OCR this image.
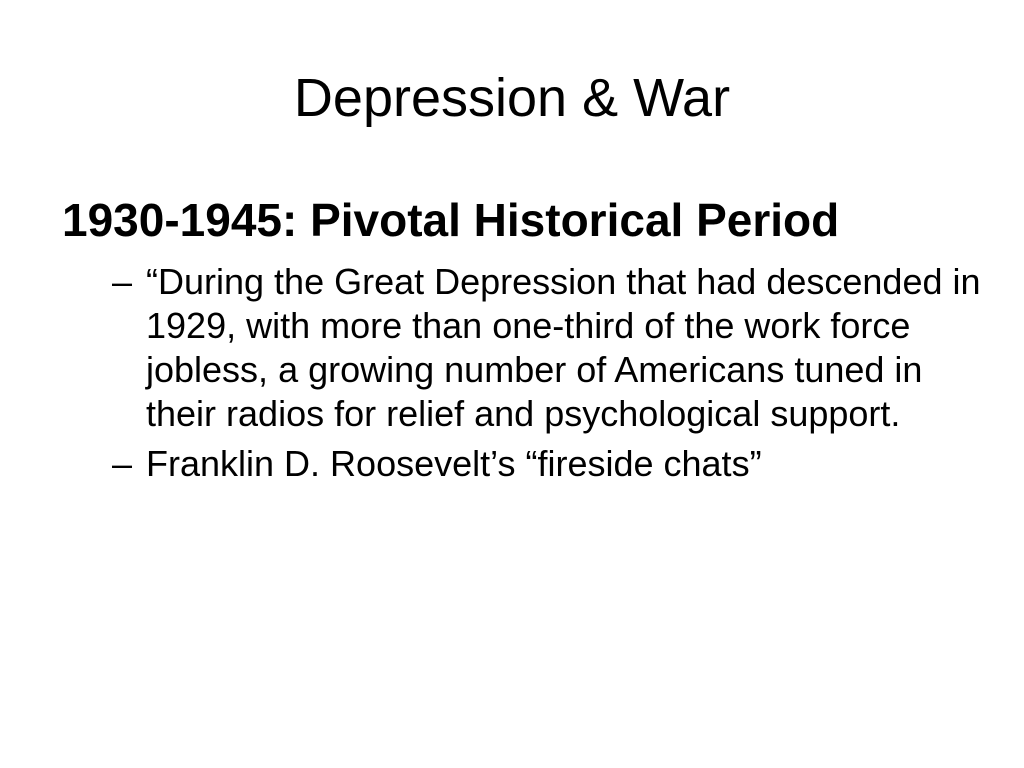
Depression & War

1930-1945: Pivotal Historical Period

– “During the Great Depression that had descended in 1929, with more than one-third of the work force jobless, a growing number of Americans tuned in their radios for relief and psychological support.
– Franklin D. Roosevelt’s “fireside chats”
